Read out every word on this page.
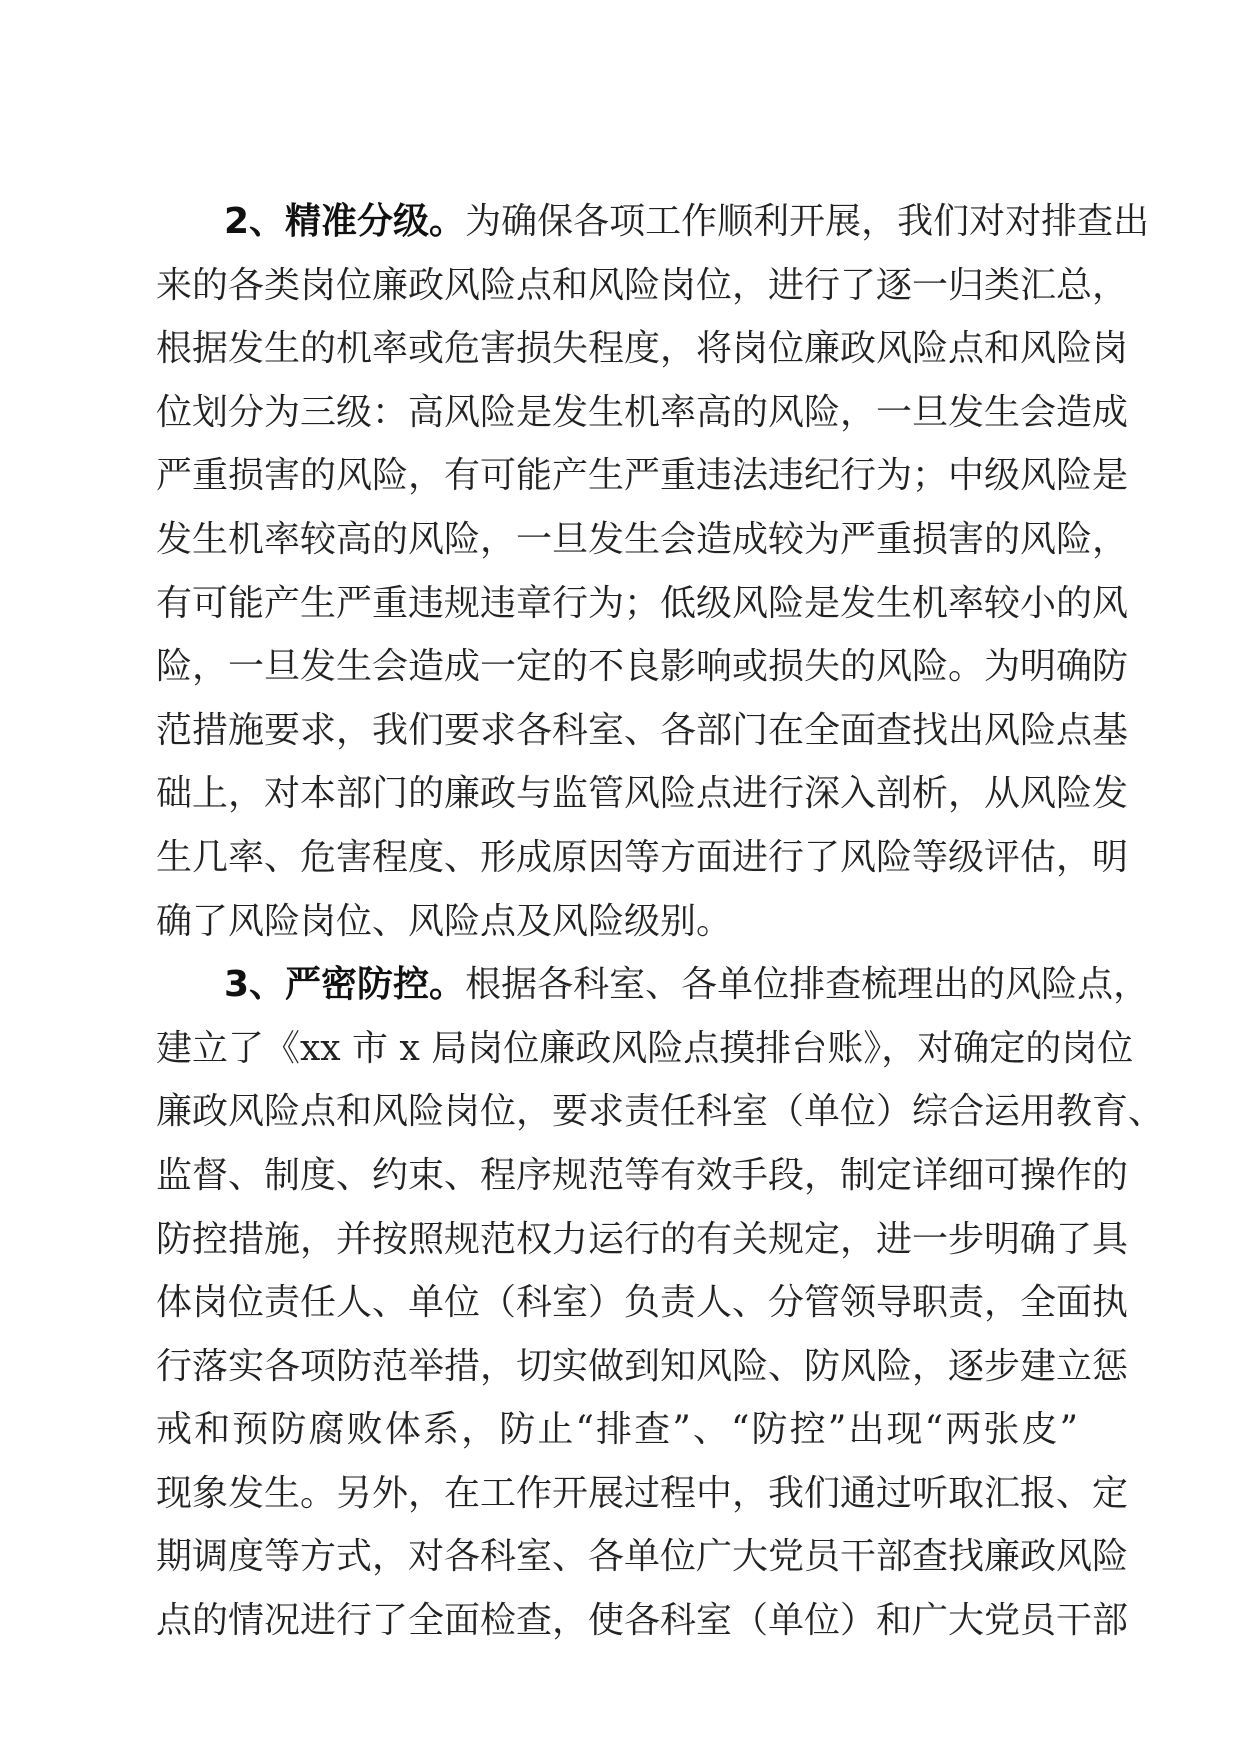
2、精准分级。为确保各项工作顺利开展，我们对对排查出
来的各类岗位廉政风险点和风险岗位，进行了逐一归类汇总，
根据发生的机率或危害损失程度，将岗位廉政风险点和风险岗
位划分为三级：高风险是发生机率高的风险，一旦发生会造成
严重损害的风险，有可能产生严重违法违纪行为；中级风险是
发生机率较高的风险，一旦发生会造成较为严重损害的风险，
有可能产生严重违规违章行为；低级风险是发生机率较小的风
险，一旦发生会造成一定的不良影响或损失的风险。为明确防
范措施要求，我们要求各科室、各部门在全面查找出风险点基
础上，对本部门的廉政与监管风险点进行深入剖析，从风险发
生几率、危害程度、形成原因等方面进行了风险等级评估，明
确了风险岗位、风险点及风险级别。
3、严密防控。根据各科室、各单位排查梳理出的风险点，
建立了《xx 市 x 局岗位廉政风险点摸排台账》，对确定的岗位
廉政风险点和风险岗位，要求责任科室（单位）综合运用教育、
监督、制度、约束、程序规范等有效手段，制定详细可操作的
防控措施，并按照规范权力运行的有关规定，进一步明确了具
体岗位责任人、单位（科室）负责人、分管领导职责，全面执
行落实各项防范举措，切实做到知风险、防风险，逐步建立惩
戒和预防腐败体系，防止“排查”、“防控”出现“两张皮”
现象发生。另外，在工作开展过程中，我们通过听取汇报、定
期调度等方式，对各科室、各单位广大党员干部查找廉政风险
点的情况进行了全面检查，使各科室（单位）和广大党员干部
